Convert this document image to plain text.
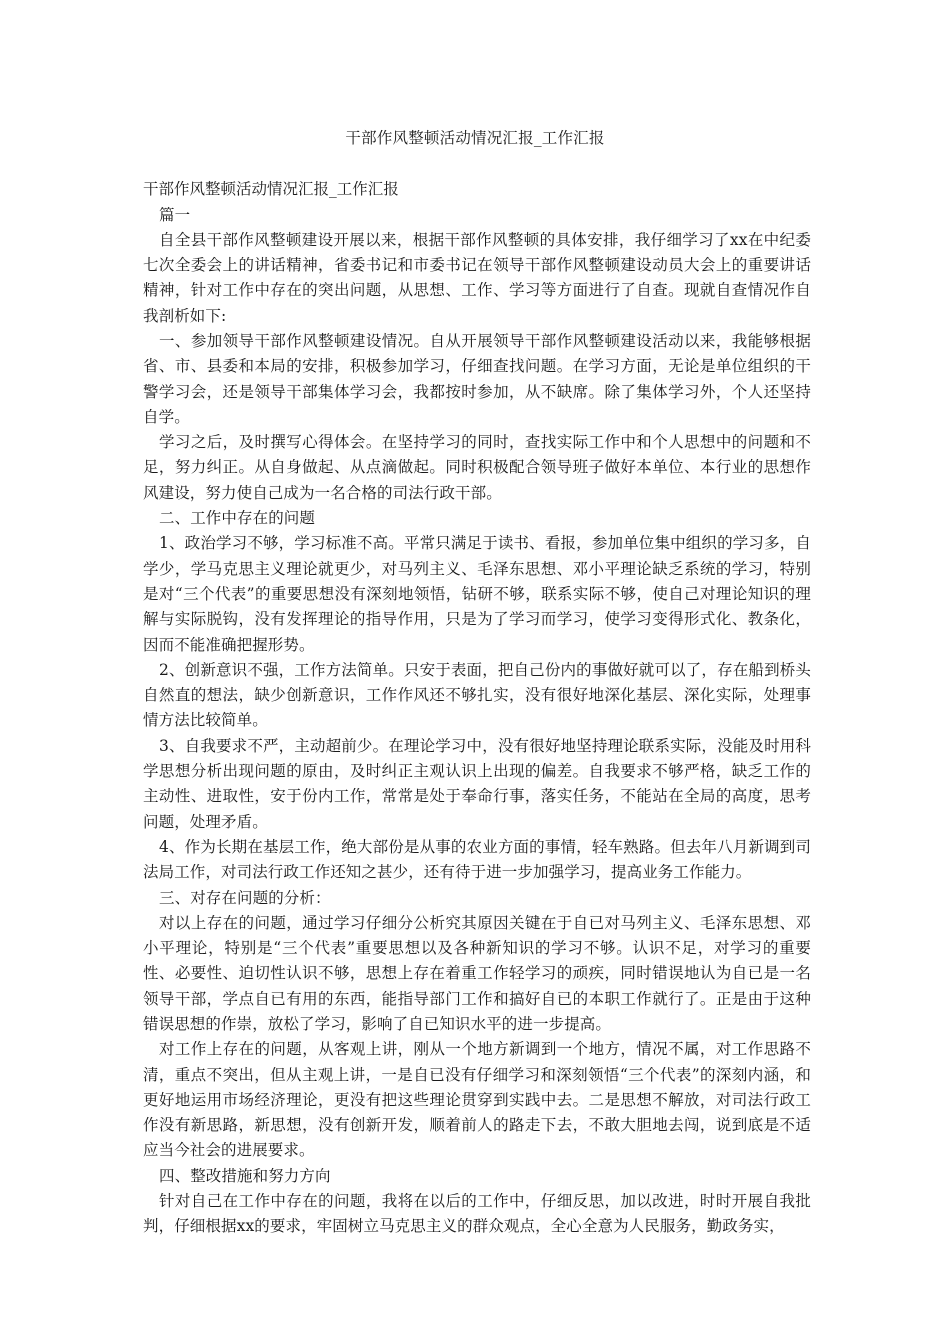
干部作风整顿活动情况汇报_工作汇报

干部作风整顿活动情况汇报_工作汇报

篇一

自全县干部作风整顿建设开展以来，根据干部作风整顿的具体安排，我仔细学习了xx在中纪委七次全委会上的讲话精神，省委书记和市委书记在领导干部作风整顿建设动员大会上的重要讲话精神，针对工作中存在的突出问题，从思想、工作、学习等方面进行了自查。现就自查情况作自我剖析如下:

一、参加领导干部作风整顿建设情况。自从开展领导干部作风整顿建设活动以来，我能够根据省、市、县委和本局的安排，积极参加学习，仔细查找问题。在学习方面，无论是单位组织的干警学习会，还是领导干部集体学习会，我都按时参加，从不缺席。除了集体学习外，个人还坚持自学。

学习之后，及时撰写心得体会。在坚持学习的同时，查找实际工作中和个人思想中的问题和不足，努力纠正。从自身做起、从点滴做起。同时积极配合领导班子做好本单位、本行业的思想作风建设，努力使自己成为一名合格的司法行政干部。

二、工作中存在的问题

1、政治学习不够，学习标准不高。平常只满足于读书、看报，参加单位集中组织的学习多，自学少，学马克思主义理论就更少，对马列主义、毛泽东思想、邓小平理论缺乏系统的学习，特别是对“三个代表”的重要思想没有深刻地领悟，钻研不够，联系实际不够，使自己对理论知识的理解与实际脱钩，没有发挥理论的指导作用，只是为了学习而学习，使学习变得形式化、教条化，因而不能准确把握形势。

2、创新意识不强，工作方法简单。只安于表面，把自己份内的事做好就可以了，存在船到桥头自然直的想法，缺少创新意识，工作作风还不够扎实，没有很好地深化基层、深化实际，处理事情方法比较简单。

3、自我要求不严，主动超前少。在理论学习中，没有很好地坚持理论联系实际，没能及时用科学思想分析出现问题的原由，及时纠正主观认识上出现的偏差。自我要求不够严格，缺乏工作的主动性、进取性，安于份内工作，常常是处于奉命行事，落实任务，不能站在全局的高度，思考问题，处理矛盾。

4、作为长期在基层工作，绝大部份是从事的农业方面的事情，轻车熟路。但去年八月新调到司法局工作，对司法行政工作还知之甚少，还有待于进一步加强学习，提高业务工作能力。

三、对存在问题的分析：

对以上存在的问题，通过学习仔细分公析究其原因关键在于自已对马列主义、毛泽东思想、邓小平理论，特别是“三个代表”重要思想以及各种新知识的学习不够。认识不足，对学习的重要性、必要性、迫切性认识不够，思想上存在着重工作轻学习的顽疾，同时错误地认为自已是一名领导干部，学点自已有用的东西，能指导部门工作和搞好自已的本职工作就行了。正是由于这种错误思想的作崇，放松了学习，影响了自已知识水平的进一步提高。

对工作上存在的问题，从客观上讲，刚从一个地方新调到一个地方，情况不属，对工作思路不清，重点不突出，但从主观上讲，一是自已没有仔细学习和深刻领悟“三个代表”的深刻内涵，和更好地运用市场经济理论，更没有把这些理论贯穿到实践中去。二是思想不解放，对司法行政工作没有新思路，新思想，没有创新开发，顺着前人的路走下去，不敢大胆地去闯，说到底是不适应当今社会的进展要求。

四、整改措施和努力方向

针对自己在工作中存在的问题，我将在以后的工作中，仔细反思，加以改进，时时开展自我批判，仔细根据xx的要求，牢固树立马克思主义的群众观点，全心全意为人民服务，勤政务实，
